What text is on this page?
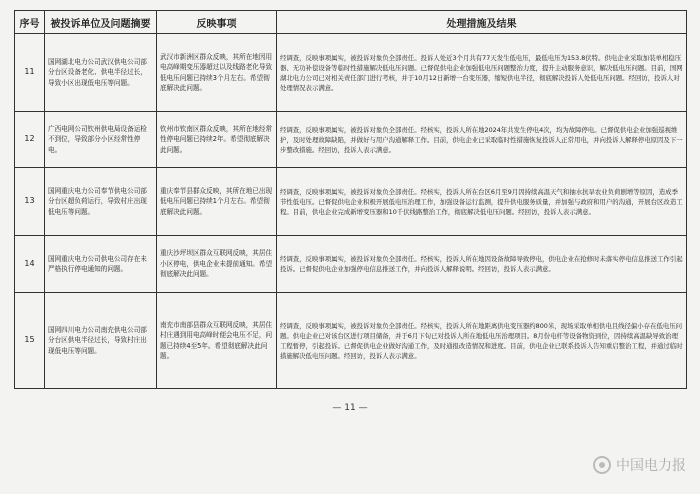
序号	被投诉单位及问题摘要	反映事项	处理措施及结果
11	国网湖北电力公司武汉供电公司部分台区设备老化、供电半径过长，导致小区出现低电压等问题。	武汉市新洲区群众反映，其所在地因用电高峰期变压器超过以及线路老化导致低电压问题已持续3个月左右。希望彻底解决此问题。	经调查，反映事项属实，被投诉对象负全部责任。投诉人处近3个月共有77天发生低电压，最低电压为153.8伏特。供电企业采取加装单相稳压器、无功补偿设备等临时性措施解决低电压问题。已督促供电企业加强低电压问题整治力度，提升主动服务意识，解决低电压问题。目前，国网湖北电力公司已对相关责任部门进行考核，并于10月12日新增一台变压器，缩短供电半径，彻底解决投诉人处低电压问题。经回访，投诉人对处理情况表示满意。
12	广西电网公司钦州供电局设备运检不到位，导致部分小区经常性停电。	钦州市钦南区群众反映，其所在地经常性停电问题已持续2年。希望彻底解决此问题。	经调查，反映事项属实，被投诉对象负全部责任。经核实，投诉人所在地2024年共发生停电4次，均为故障停电。已督促供电企业加强巡视维护，及时处理故障缺陷，并做好与用户沟通解释工作。目前，供电企业已采取临时性措施恢复投诉人正常用电，并向投诉人解释停电原因及下一步整改措施。经回访，投诉人表示满意。
13	国网重庆电力公司奉节供电公司部分台区超负荷运行，导致村庄出现低电压等问题。	重庆奉节县群众反映，其所在地已出现低电压问题已持续1个月左右。希望彻底解决此问题。	经调查，反映事项属实，被投诉对象负全部责任。经核实，投诉人所在台区6月至9月因持续高温天气和抽水抗旱农业负荷剧增等原因，造成季节性低电压。已督促供电企业积极开展低电压治理工作，加强设备运行监测，提升供电服务质量，并加强与政府和用户的沟通，开展台区改造工程。目前，供电企业完成新增变压器和10千伏线路整治工作，彻底解决低电压问题。经回访，投诉人表示满意。
14	国网重庆电力公司供电公司存在未严格执行停电通知的问题。	重庆沙坪坝区群众互联网反映，其居住小区停电，供电企业未提前通知。希望彻底解决此问题。	经调查，反映事项属实，被投诉对象负全部责任。经核实，投诉人所在地因设备故障导致停电，供电企业在抢修时未落实停电信息推送工作引起投诉。已督促供电企业加强停电信息推送工作，并向投诉人解释说明。经回访，投诉人表示满意。
15	国网四川电力公司南充供电公司部分台区供电半径过长，导致村庄出现低电压等问题。	南充市南部县群众互联网反映，其居住村庄遇到用电高峰时便会电压不足，问题已持续4至5年。希望彻底解决此问题。	经调查，反映事项属实，被投诉对象负全部责任。经核实，投诉人所在地距离供电变压器约800米，现场采取单相供电且线径偏小存在低电压问题。供电企业已对该台区进行项目储备，并于6月下旬已对投诉人所在地低电压治理项目。8月份电杆等设备物资到位，因持续高温缺导致治理工程暂停，引起投诉。已督促供电企业做好沟通工作，及时通报改造情况和进度。目前，供电企业已联系投诉人告知重启整治工程，并通过临时措施解决低电压问题。经回访，投诉人表示满意。
— 11 —
中国电力报
